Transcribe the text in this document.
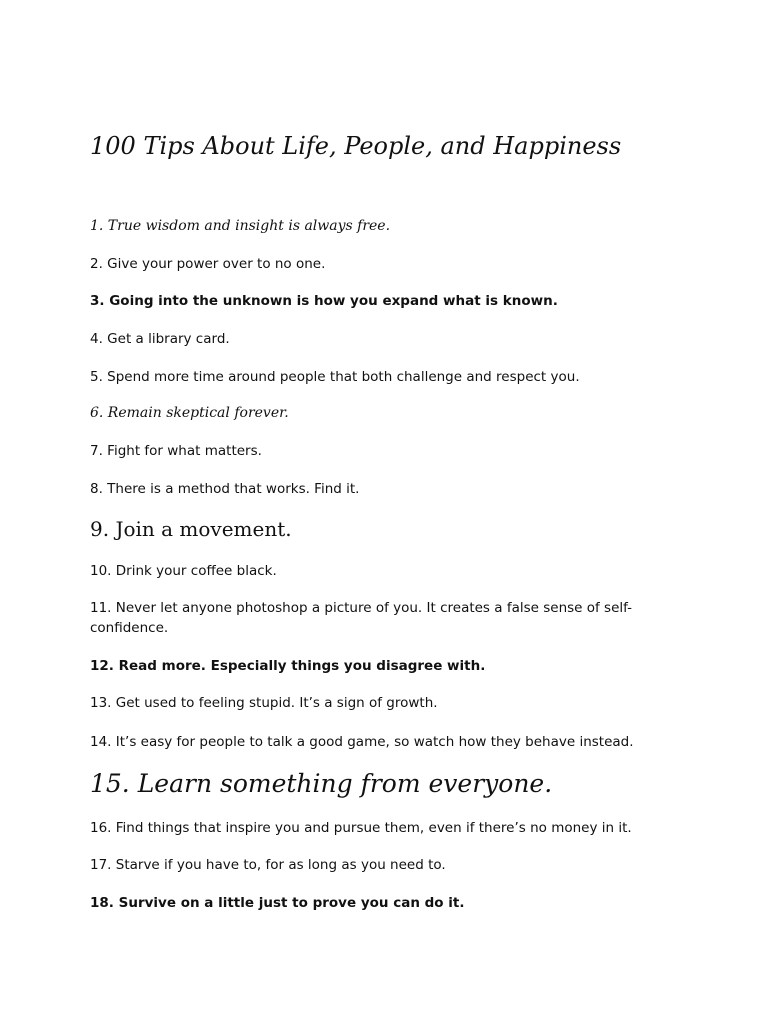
100 Tips About Life, People, and Happiness

1. True wisdom and insight is always free.

2. Give your power over to no one.

3. Going into the unknown is how you expand what is known.

4. Get a library card.

5. Spend more time around people that both challenge and respect you.

6. Remain skeptical forever.

7. Fight for what matters.

8. There is a method that works. Find it.

9. Join a movement.

10. Drink your coffee black.

11. Never let anyone photoshop a picture of you. It creates a false sense of self-confidence.

12. Read more. Especially things you disagree with.

13. Get used to feeling stupid. It’s a sign of growth.

14. It’s easy for people to talk a good game, so watch how they behave instead.

15. Learn something from everyone.

16. Find things that inspire you and pursue them, even if there’s no money in it.

17. Starve if you have to, for as long as you need to.

18. Survive on a little just to prove you can do it.
